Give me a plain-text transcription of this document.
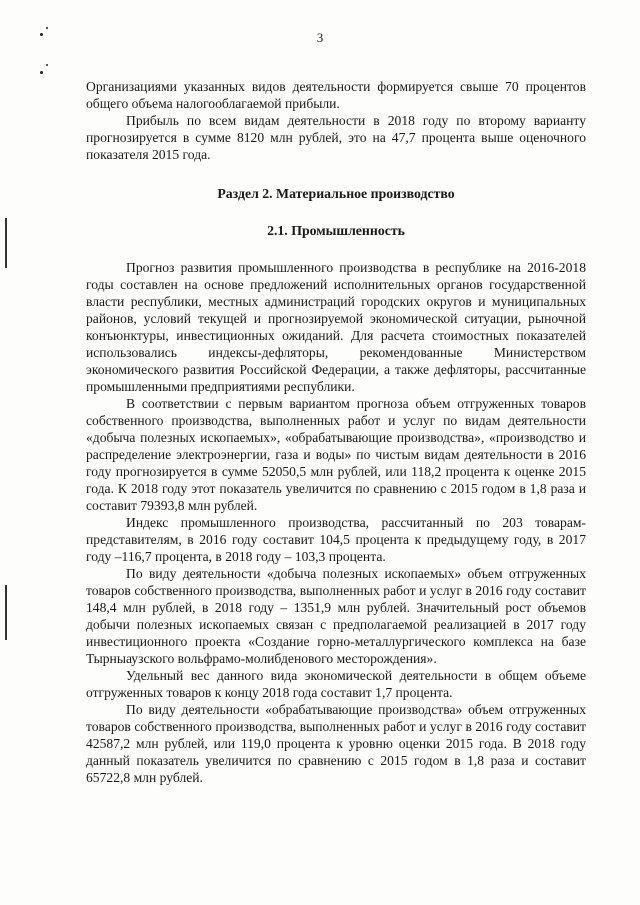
3

Организациями указанных видов деятельности формируется свыше 70 процентов общего объема налогооблагаемой прибыли.

Прибыль по всем видам деятельности в 2018 году по второму варианту прогнозируется в сумме 8120 млн рублей, это на 47,7 процента выше оценочного показателя 2015 года.

Раздел 2. Материальное производство

2.1. Промышленность

Прогноз развития промышленного производства в республике на 2016-2018 годы составлен на основе предложений исполнительных органов государственной власти республики, местных администраций городских округов и муниципальных районов, условий текущей и прогнозируемой экономической ситуации, рыночной конъюнктуры, инвестиционных ожиданий. Для расчета стоимостных показателей использовались индексы-дефляторы, рекомендованные Министерством экономического развития Российской Федерации, а также дефляторы, рассчитанные промышленными предприятиями республики.

В соответствии с первым вариантом прогноза объем отгруженных товаров собственного производства, выполненных работ и услуг по видам деятельности «добыча полезных ископаемых», «обрабатывающие производства», «производство и распределение электроэнергии, газа и воды» по чистым видам деятельности в 2016 году прогнозируется в сумме 52050,5 млн рублей, или 118,2 процента к оценке 2015 года. К 2018 году этот показатель увеличится по сравнению с 2015 годом в 1,8 раза и составит 79393,8 млн рублей.

Индекс промышленного производства, рассчитанный по 203 товарам-представителям, в 2016 году составит 104,5 процента к предыдущему году, в 2017 году –116,7 процента, в 2018 году – 103,3 процента.

По виду деятельности «добыча полезных ископаемых» объем отгруженных товаров собственного производства, выполненных работ и услуг в 2016 году составит 148,4 млн рублей, в 2018 году – 1351,9 млн рублей. Значительный рост объемов добычи полезных ископаемых связан с предполагаемой реализацией в 2017 году инвестиционного проекта «Создание горно-металлургического комплекса на базе Тырныаузского вольфрамо-молибденового месторождения».

Удельный вес данного вида экономической деятельности в общем объеме отгруженных товаров к концу 2018 года составит 1,7 процента.

По виду деятельности «обрабатывающие производства» объем отгруженных товаров собственного производства, выполненных работ и услуг в 2016 году составит 42587,2 млн рублей, или 119,0 процента к уровню оценки 2015 года. В 2018 году данный показатель увеличится по сравнению с 2015 годом в 1,8 раза и составит 65722,8 млн рублей.
